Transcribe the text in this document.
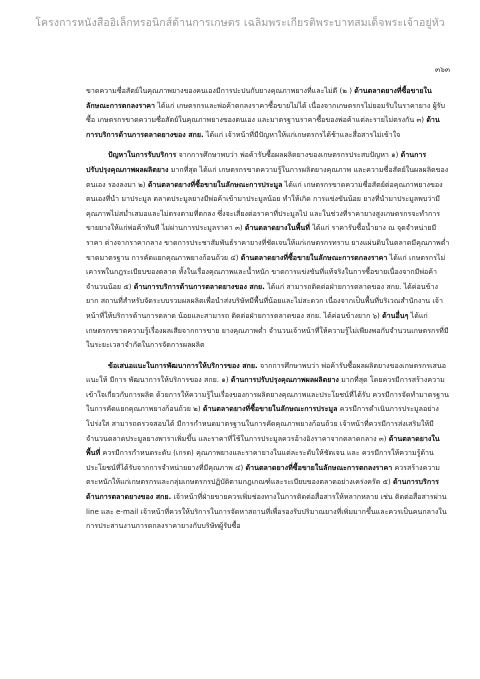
โครงการหนังสืออิเล็กทรอนิกส์ด้านการเกษตร เฉลิมพระเกียรติพระบาทสมเด็จพระเจ้าอยู่หัว
๓๖๓

ขาดความซื่อสัตย์ในคุณภาพยางของคนเองมีการปะปนกับยางคุณภาพยางที่และไม่ดี (๒ ) ด้านตลาดยางที่ซื้อขายในลักษณะการตกลงราคา ได้แก่ เกษตรกรและพ่อค้าตกลงราคาซื้อขายไม่ได้ เนื่องจากเกษตรกรไม่ยอมรับในราคายาง ผู้รับซื้อ เกษตรกรขาดความซื่อสัตย์ในคุณภาพยางของตนเอง และมาตรฐานราคาซื้อของพ่อค้าแต่ละรายไม่ตรงกัน ๓) ด้านการบริการด้านการตลาดยางของ สกย. ได้แก่ เจ้าหน้าที่มีปัญหาให้แก่เกษตรกรได้ช้าและสื่อสารไม่เข้าใจ

ปัญหาในการรับบริการ จากการศึกษาพบว่า พ่อค้ารับซื้อผลผลิตยางของเกษตรกรประสบปัญหา ๑) ด้านการปรับปรุงคุณภาพผลผลิตยาง มากที่สุด ได้แก่ เกษตรกรขาดความรู้ในการผลิตยางคุณภาพ และความซื่อสัตย์ในผลผลิตของตนเอง รองลงมา ๒) ด้านตลาดยางที่ซื้อขายในลักษณะการประมูล ได้แก่ เกษตรกรขาดความซื่อสัตย์ต่อคุณภาพยางของตนเองที่นำ มาประมูล ตลาดประมูลยางมีพ่อค้าเข้ามาประมูลน้อย ทำให้เกิด การแข่งขันน้อย ยางที่นำมาประมูลพบว่ามีคุณภาพไม่สม่ำเสมอและไม่ตรงตามที่ตกลง ซึ่งจะเสี่ยงต่อราคาที่ประมูลไป และในช่วงที่ราคายางสูงเกษตรกรจะทำการขายยางให้แก่พ่อค้าทันที ไม่ผ่านการประมูลราคา ๓) ด้านตลาดยางในพื้นที่ ได้แก่ ราคารับซื้อน้ำยาง ณ จุดจำหน่ายมีราคา ต่างจากราคากลาง ขาดการประชาสัมพันธ์ราคายางที่ชัดเจนให้แก่เกษตรกรทราบ ยางแผ่นดิบในตลาดมีคุณภาพต่ำ ขาดมาตรฐาน การคัดแยกคุณภาพยางก้อนถ้วย ๔) ด้านตลาดยางที่ซื้อขายในลักษณะการตกลงราคา ได้แก่ เกษตรกรไม่เคารพในกฎระเบียบของตลาด ทั้งในเรื่องคุณภาพและน้ำหนัก ขาดการแข่งขันที่แท้จริงในการซื้อขายเนื่องจากมีพ่อค้าจำนวนน้อย ๕) ด้านการบริการด้านการตลาดยางของ สกย. ได้แก่ สามารถติดต่อฝ่ายการตลาดของ สกย. ได้ค่อนข้างยาก สถานที่สำหรับจัดระบบรวมผลผลิตเพื่อนำส่งบริษัทมีพื้นที่น้อยและไม่สะดวก เนื่องจากเป็นพื้นที่บริเวณสำนักงาน เจ้าหน้าที่ให้บริการด้านการตลาด น้อยและสามารถ ติดต่อฝ่ายการตลาดของ สกย. ได้ค่อนข้างยาก ๖) ด้านอื่นๆ ได้แก่ เกษตรกรขาดความรู้เรื่องผลเสียจากการขาย ยางคุณภาพต่ำ จำนวนเจ้าหน้าที่ให้ความรู้ไม่เพียงพอกับจำนวนเกษตรกรที่มีในระยะเวลาจำกัดในการจัดการผลผลิต

ข้อเสนอแนะในการพัฒนาการให้บริการของ สกย. จากการศึกษาพบว่า พ่อค้ารับซื้อผลผลิตยางของเกษตรกรเสนอแนะให้ มีการ พัฒนาการให้บริการของ สกย. ๑) ด้านการปรับปรุงคุณภาพผลผลิตยาง มากที่สุด โดยควรมีการสร้างความเข้าใจเกี่ยวกับการผลิต ด้วยการให้ความรู้ในเรื่องของการผลิตยางคุณภาพและประโยชน์ที่ได้รับ ควรมีการจัดทำมาตรฐานในการคัดแยกคุณภาพยางก้อนถ้วย ๒) ด้านตลาดยางที่ซื้อขายในลักษณะการประมูล ควรมีการดำเนินการประมูลอย่างโปร่งใส สามารถตรวจสอบได้ มีการกำหนดมาตรฐานในการคัดคุณภาพยางก้อนถ้วย เจ้าหน้าที่ควรมีการส่งเสริมให้มีจำนวนตลาดประมูลยางพาราเพิ่มขึ้น และราคาที่ใช้ในการประมูลควรอ้างอิงราคาจากตลาดกลาง ๓) ด้านตลาดยางในพื้นที่ ควรมีการกำหนดระดับ (เกรด) คุณภาพยางและราคายางในแต่ละระดับให้ชัดเจน และ ควรมีการให้ความรู้ด้านประโยชน์ที่ได้รับจากการจำหน่ายยางที่มีคุณภาพ ๔) ด้านตลาดยางที่ซื้อขายในลักษณะการตกลงราคา ควรสร้างความตระหนักให้แก่เกษตรกรและกลุ่มเกษตรกรปฏิบัติตามกฎเกณฑ์และระเบียบของตลาดอย่างเคร่งครัด ๕) ด้านการบริการด้านการตลาดยางของ สกย. เจ้าหน้าที่ฝ่ายขายควรเพิ่มช่องทางในการติดต่อสื่อสารให้หลากหลาย เช่น ติดต่อสื่อสารผ่าน line และ e-mail เจ้าหน้าที่ควรให้บริการในการจัดหาสถานที่เพื่อรองรับปริมาณยางที่เพิ่มมากขึ้นและควรเป็นคนกลางในการประสานงานการตกลงราคายางกับบริษัทผู้รับซื้อ
